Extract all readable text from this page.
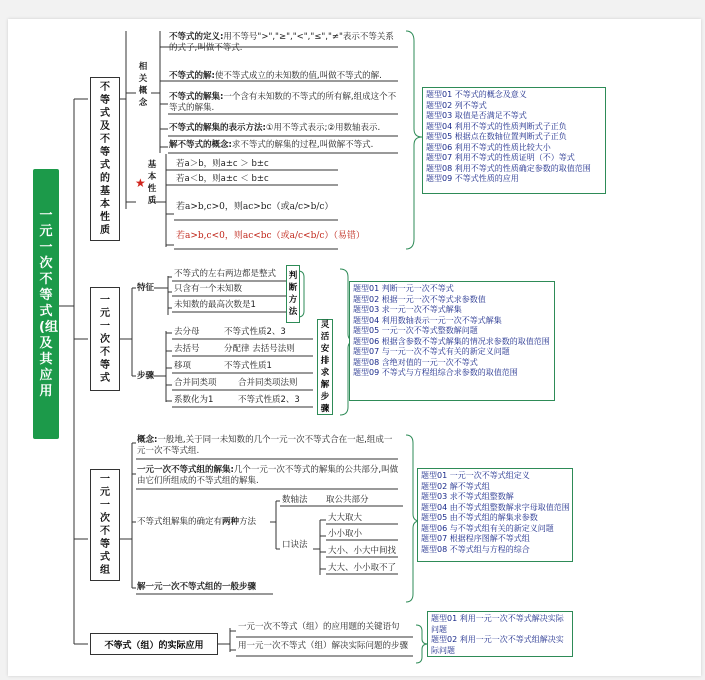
一元一次不等式(组)及其应用
不等式及不等式的基本性质
相关概念
不等式的定义:用不等号">","≥","<","≤","≠"表示不等关系的式子,叫做不等式.
不等式的解:使不等式成立的未知数的值,叫做不等式的解.
不等式的解集:一个含有未知数的不等式的所有解,组成这个不等式的解集.
不等式的解集的表示方法:①用不等式表示;②用数轴表示.
解不等式的概念:求不等式的解集的过程,叫做解不等式.
★
基本性质
若a＞b，则a±c ＞ b±c
若a＜b，则a±c ＜ b±c
若a>b,c>0，则ac>bc（或a/c>b/c）
若a>b,c<0，则ac<bc（或a/c<b/c）（易错）
题型01 不等式的概念及意义
题型02 列不等式
题型03 取值是否满足不等式
题型04 利用不等式的性质判断式子正负
题型05 根据点在数轴位置判断式子正负
题型06 利用不等式的性质比较大小
题型07 利用不等式的性质证明（不）等式
题型08 利用不等式的性质确定参数的取值范围
题型09 不等式性质的应用
一元一次不等式
特征
不等式的左右两边都是整式
只含有一个未知数
未知数的最高次数是1
判断方法
步骤
去分母	不等式性质2、3
去括号	分配律 去括号法则
移项	不等式性质1
合并同类项	合并同类项法则
系数化为1	不等式性质2、3
灵活安排求解步骤
题型01 判断一元一次不等式
题型02 根据一元一次不等式求参数值
题型03 求一元一次不等式解集
题型04 利用数轴表示一元一次不等式解集
题型05 一元一次不等式整数解问题
题型06 根据含参数不等式解集的情况求参数的取值范围
题型07 与一元一次不等式有关的新定义问题
题型08 含绝对值的一元一次不等式
题型09 不等式与方程组综合求参数的取值范围
一元一次不等式组
概念:一般地,关于同一未知数的几个一元一次不等式合在一起,组成一元一次不等式组.
一元一次不等式组的解集:几个一元一次不等式的解集的公共部分,叫做由它们所组成的不等式组的解集.
不等式组解集的确定有两种方法
数轴法 取公共部分
口诀法
大大取大
小小取小
大小、小大中间找
大大、小小取不了
解一元一次不等式组的一般步骤
题型01 一元一次不等式组定义
题型02 解不等式组
题型03 求不等式组整数解
题型04 由不等式组整数解求字母取值范围
题型05 由不等式组的解集求参数
题型06 与不等式组有关的新定义问题
题型07 根据程序图解不等式组
题型08 不等式组与方程的综合
不等式（组）的实际应用
一元一次不等式（组）的应用题的关键语句
用一元一次不等式（组）解决实际问题的步骤
题型01 利用一元一次不等式解决实际问题
题型02 利用一元一次不等式组解决实际问题
